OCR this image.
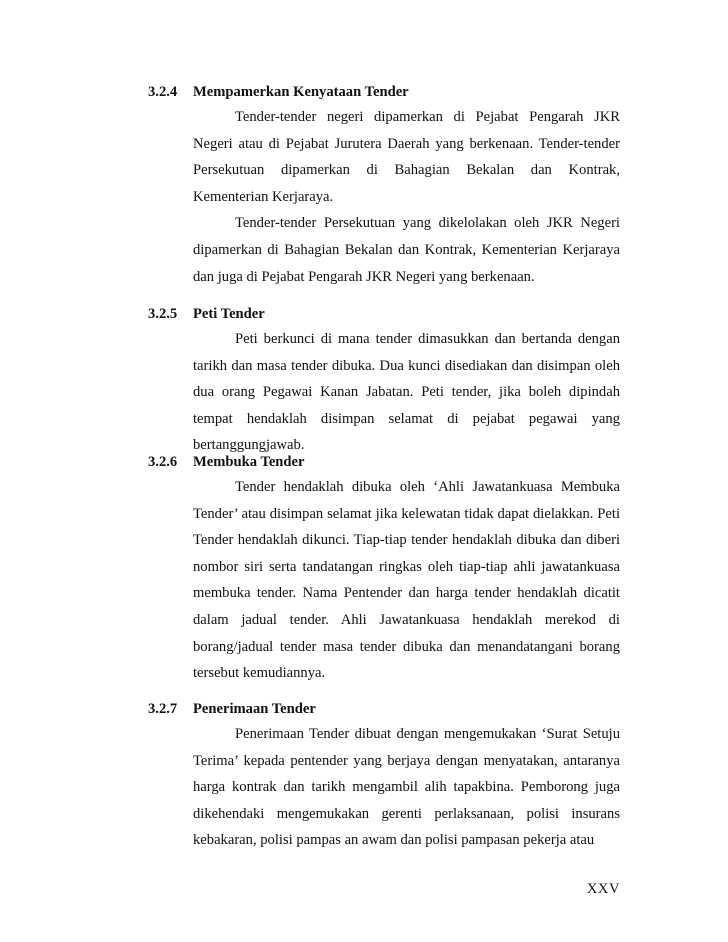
3.2.4	Mempamerkan Kenyataan Tender

Tender-tender negeri dipamerkan di Pejabat Pengarah JKR Negeri atau di Pejabat Jurutera Daerah yang berkenaan. Tender-tender Persekutuan dipamerkan di Bahagian Bekalan dan Kontrak, Kementerian Kerjaraya.

Tender-tender Persekutuan yang dikelolakan oleh JKR Negeri dipamerkan di Bahagian Bekalan dan Kontrak, Kementerian Kerjaraya dan juga di Pejabat Pengarah JKR Negeri yang berkenaan.

3.2.5	Peti Tender

Peti berkunci di mana tender dimasukkan dan bertanda dengan tarikh dan masa tender dibuka. Dua kunci disediakan dan disimpan oleh dua orang Pegawai Kanan Jabatan. Peti tender, jika boleh dipindah tempat hendaklah disimpan selamat di pejabat pegawai yang bertanggungjawab.

3.2.6	Membuka Tender

Tender hendaklah dibuka oleh ‘Ahli Jawatankuasa Membuka Tender’ atau disimpan selamat jika kelewatan tidak dapat dielakkan. Peti Tender hendaklah dikunci. Tiap-tiap tender hendaklah dibuka dan diberi nombor siri serta tandatangan ringkas oleh tiap-tiap ahli jawatankuasa membuka tender. Nama Pentender dan harga tender hendaklah dicatit dalam jadual tender. Ahli Jawatankuasa hendaklah merekod di borang/jadual tender masa tender dibuka dan menandatangani borang tersebut kemudiannya.

3.2.7	Penerimaan Tender

Penerimaan Tender dibuat dengan mengemukakan ‘Surat Setuju Terima’ kepada pentender yang berjaya dengan menyatakan, antaranya harga kontrak dan tarikh mengambil alih tapakbina. Pemborong juga dikehendaki mengemukakan gerenti perlaksanaan, polisi insurans kebakaran, polisi pampas an awam dan polisi pampasan pekerja atau

XXV
